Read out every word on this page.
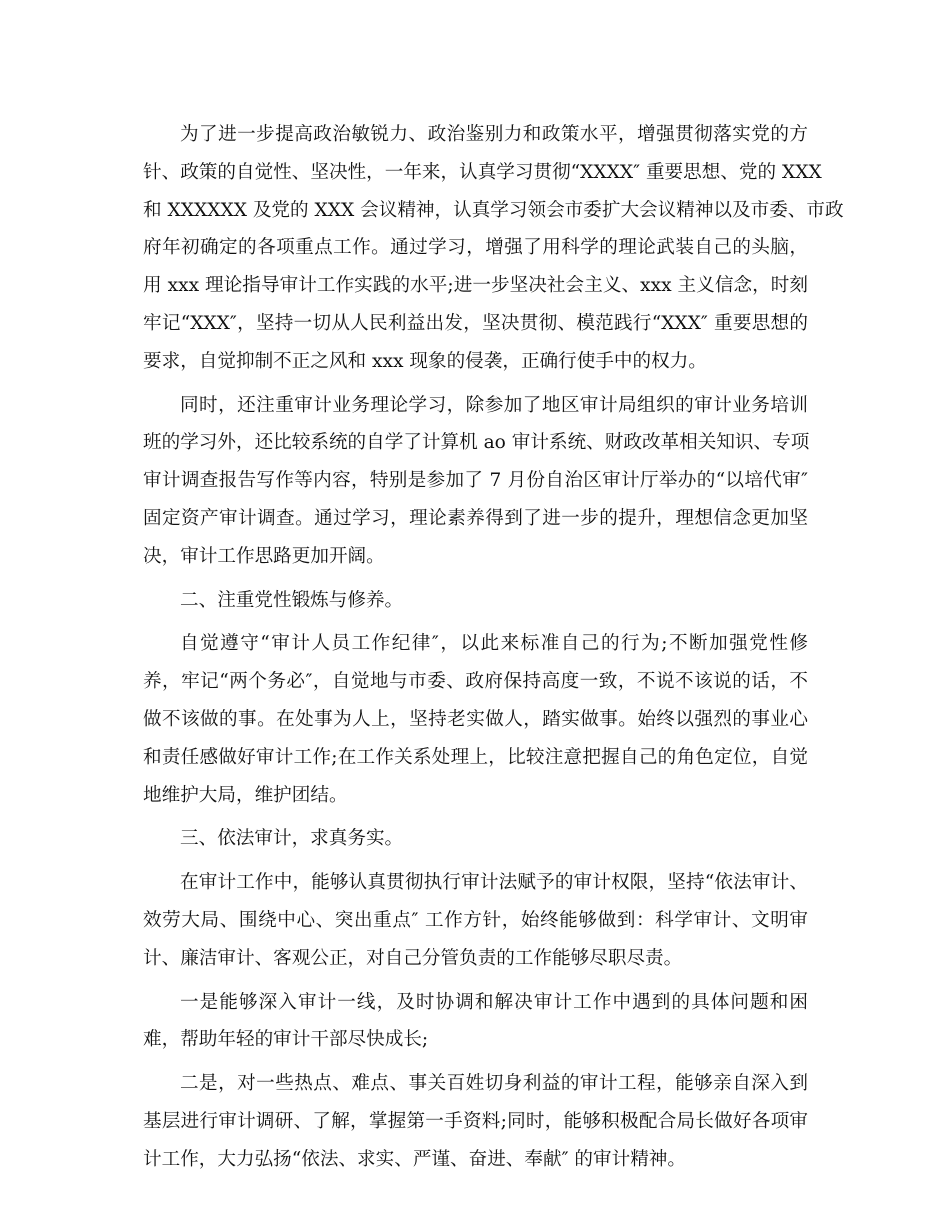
为了进一步提高政治敏锐力、政治鉴别力和政策水平，增强贯彻落实党的方
针、政策的自觉性、坚决性，一年来，认真学习贯彻“XXXX″ 重要思想、党的 XXX
和 XXXXXX 及党的 XXX 会议精神，认真学习领会市委扩大会议精神以及市委、市政
府年初确定的各项重点工作。通过学习，增强了用科学的理论武装自己的头脑，
用 xxx 理论指导审计工作实践的水平;进一步坚决社会主义、xxx 主义信念，时刻
牢记“XXX″，坚持一切从人民利益出发，坚决贯彻、模范践行“XXX″ 重要思想的
要求，自觉抑制不正之风和 xxx 现象的侵袭，正确行使手中的权力。
同时，还注重审计业务理论学习，除参加了地区审计局组织的审计业务培训
班的学习外，还比较系统的自学了计算机 ao 审计系统、财政改革相关知识、专项
审计调查报告写作等内容，特别是参加了 7 月份自治区审计厅举办的“以培代审″
固定资产审计调查。通过学习，理论素养得到了进一步的提升，理想信念更加坚
决，审计工作思路更加开阔。
二、注重党性锻炼与修养。
自觉遵守“审计人员工作纪律″，以此来标准自己的行为;不断加强党性修
养，牢记“两个务必″，自觉地与市委、政府保持高度一致，不说不该说的话，不
做不该做的事。在处事为人上，坚持老实做人，踏实做事。始终以强烈的事业心
和责任感做好审计工作;在工作关系处理上，比较注意把握自己的角色定位，自觉
地维护大局，维护团结。
三、依法审计，求真务实。
在审计工作中，能够认真贯彻执行审计法赋予的审计权限，坚持“依法审计、
效劳大局、围绕中心、突出重点″ 工作方针，始终能够做到：科学审计、文明审
计、廉洁审计、客观公正，对自己分管负责的工作能够尽职尽责。
一是能够深入审计一线，及时协调和解决审计工作中遇到的具体问题和困
难，帮助年轻的审计干部尽快成长;
二是，对一些热点、难点、事关百姓切身利益的审计工程，能够亲自深入到
基层进行审计调研、了解，掌握第一手资料;同时，能够积极配合局长做好各项审
计工作，大力弘扬“依法、求实、严谨、奋进、奉献″ 的审计精神。
